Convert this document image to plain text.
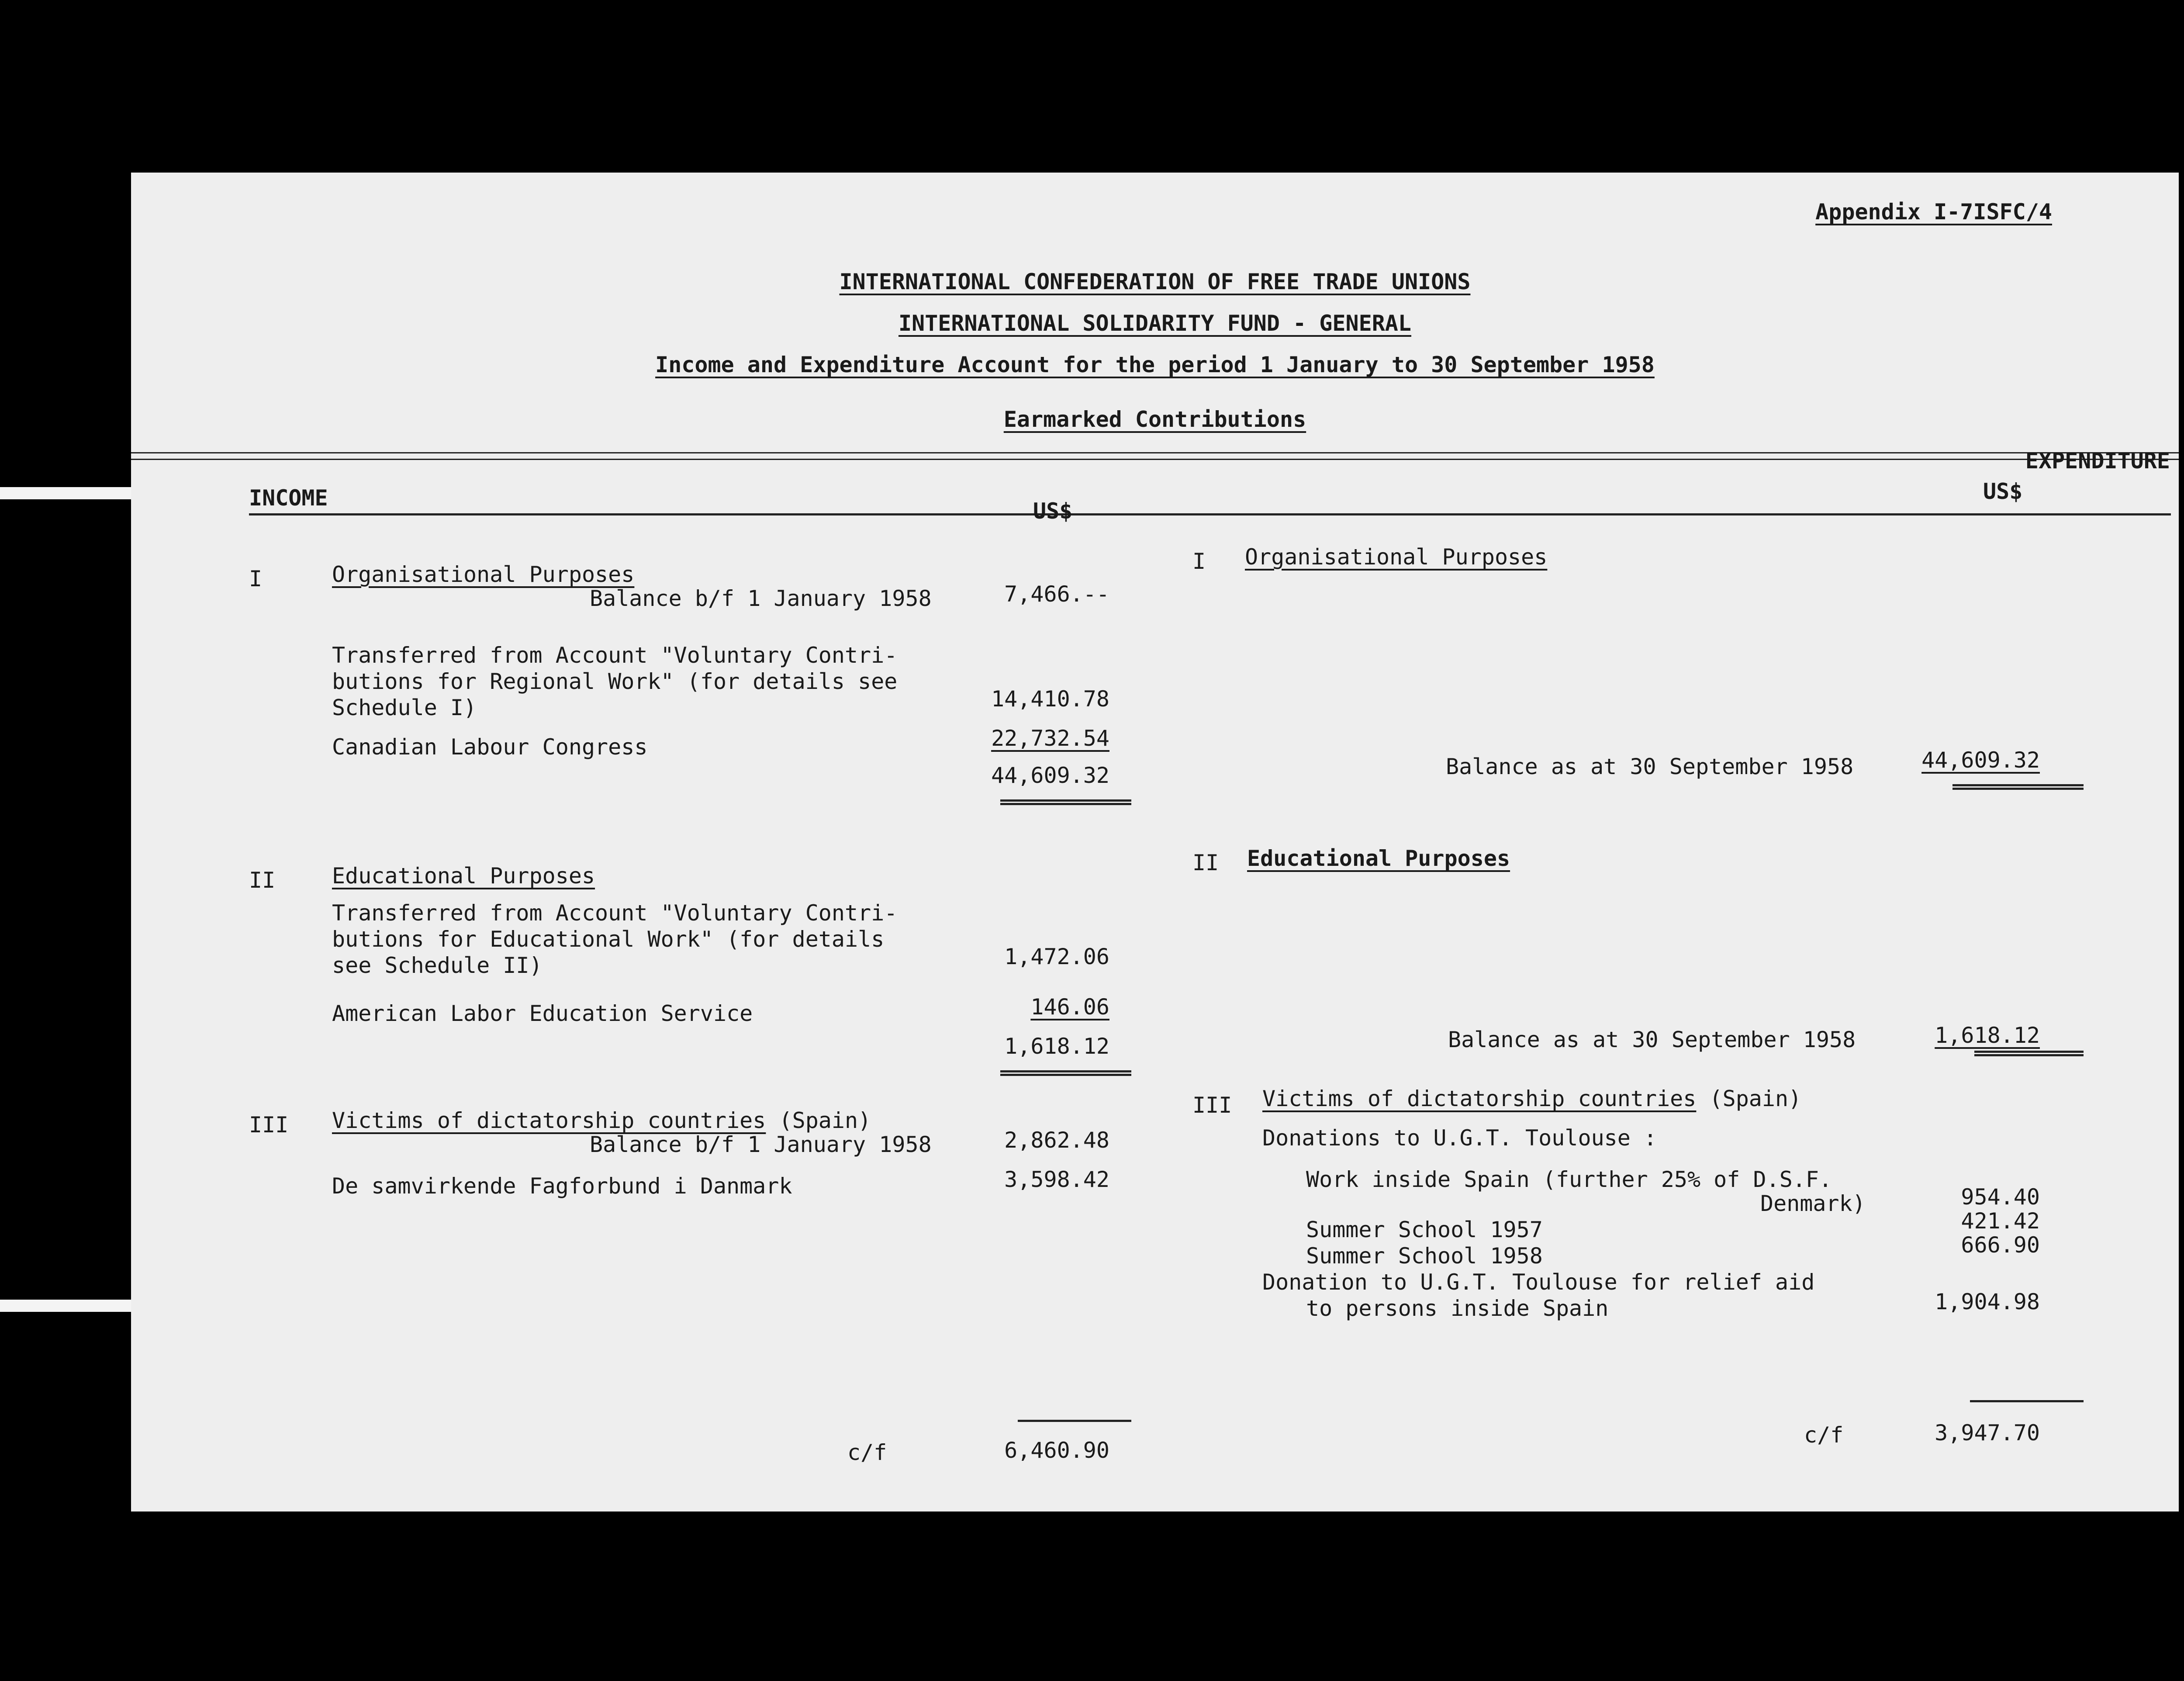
Appendix I-7ISFC/4
INTERNATIONAL CONFEDERATION OF FREE TRADE UNIONS
INTERNATIONAL SOLIDARITY FUND - GENERAL
Income and Expenditure Account for the period 1 January to 30 September 1958
Earmarked Contributions
INCOME
EXPENDITURE
US$
US$
I	Organisational Purposes
Balance b/f 1 January 1958	7,466.--
Transferred from Account "Voluntary Contri-
butions for Regional Work" (for details see
Schedule I)	14,410.78
Canadian Labour Congress	22,732.54
44,609.32
II	Educational Purposes
Transferred from Account "Voluntary Contri-
butions for Educational Work" (for details
see Schedule II)	1,472.06
American Labor Education Service	146.06
1,618.12
III Victims of dictatorship countries (Spain)
Balance b/f 1 January 1958	2,862.48
De samvirkende Fagforbund i Danmark	3,598.42
c/f	6,460.90
I Organisational Purposes
Balance as at 30 September 1958	44,609.32
II Educational Purposes
Balance as at 30 September 1958	1,618.12
III Victims of dictatorship countries (Spain)
Donations to U.G.T. Toulouse :
Work inside Spain (further 25% of D.S.F.
Denmark)	954.40
Summer School 1957	421.42
Summer School 1958	666.90
Donation to U.G.T. Toulouse for relief aid
to persons inside Spain	1,904.98
c/f	3,947.70
